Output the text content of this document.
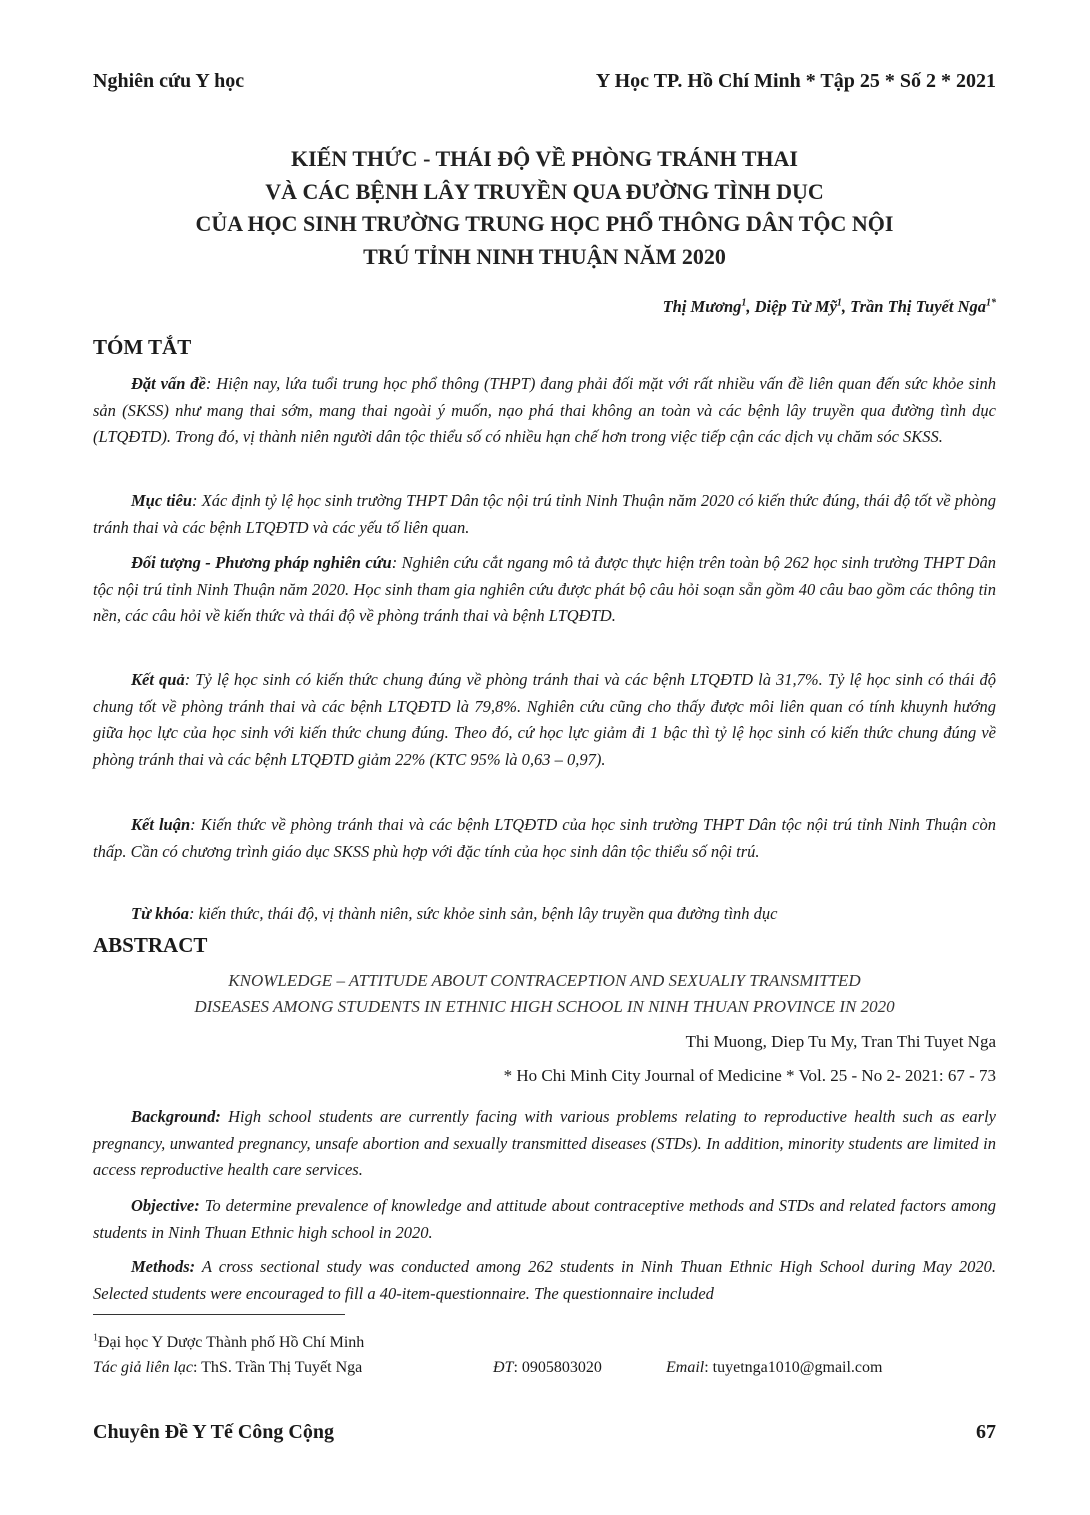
Nghiên cứu Y học	Y Học TP. Hồ Chí Minh * Tập 25 * Số 2 * 2021
KIẾN THỨC - THÁI ĐỘ VỀ PHÒNG TRÁNH THAI
VÀ CÁC BỆNH LÂY TRUYỀN QUA ĐƯỜNG TÌNH DỤC
CỦA HỌC SINH TRƯỜNG TRUNG HỌC PHỔ THÔNG DÂN TỘC NỘI
TRÚ TỈNH NINH THUẬN NĂM 2020
Thị Mương$^1$, Diệp Từ Mỹ$^1$, Trần Thị Tuyết Nga$^{1*}$
TÓM TẮT

Đặt vấn đề: Hiện nay, lứa tuổi trung học phổ thông (THPT) đang phải đối mặt với rất nhiều vấn đề liên quan đến sức khỏe sinh sản (SKSS) như mang thai sớm, mang thai ngoài ý muốn, nạo phá thai không an toàn và các bệnh lây truyền qua đường tình dục (LTQĐTD). Trong đó, vị thành niên người dân tộc thiểu số có nhiều hạn chế hơn trong việc tiếp cận các dịch vụ chăm sóc SKSS.

Mục tiêu: Xác định tỷ lệ học sinh trường THPT Dân tộc nội trú tỉnh Ninh Thuận năm 2020 có kiến thức đúng, thái độ tốt về phòng tránh thai và các bệnh LTQĐTD và các yếu tố liên quan.

Đối tượng - Phương pháp nghiên cứu: Nghiên cứu cắt ngang mô tả được thực hiện trên toàn bộ 262 học sinh trường THPT Dân tộc nội trú tỉnh Ninh Thuận năm 2020. Học sinh tham gia nghiên cứu được phát bộ câu hỏi soạn sẵn gồm 40 câu bao gồm các thông tin nền, các câu hỏi về kiến thức và thái độ về phòng tránh thai và bệnh LTQĐTD.

Kết quả: Tỷ lệ học sinh có kiến thức chung đúng về phòng tránh thai và các bệnh LTQĐTD là 31,7%. Tỷ lệ học sinh có thái độ chung tốt về phòng tránh thai và các bệnh LTQĐTD là 79,8%. Nghiên cứu cũng cho thấy được môi liên quan có tính khuynh hướng giữa học lực của học sinh với kiến thức chung đúng. Theo đó, cứ học lực giảm đi 1 bậc thì tỷ lệ học sinh có kiến thức chung đúng về phòng tránh thai và các bệnh LTQĐTD giảm 22% (KTC 95% là 0,63 – 0,97).

Kết luận: Kiến thức về phòng tránh thai và các bệnh LTQĐTD của học sinh trường THPT Dân tộc nội trú tỉnh Ninh Thuận còn thấp. Cần có chương trình giáo dục SKSS phù hợp với đặc tính của học sinh dân tộc thiểu số nội trú.

Từ khóa: kiến thức, thái độ, vị thành niên, sức khỏe sinh sản, bệnh lây truyền qua đường tình dục

ABSTRACT

KNOWLEDGE – ATTITUDE ABOUT CONTRACEPTION AND SEXUALIY TRANSMITTED
DISEASES AMONG STUDENTS IN ETHNIC HIGH SCHOOL IN NINH THUAN PROVINCE IN 2020

Thi Muong, Diep Tu My, Tran Thi Tuyet Nga
* Ho Chi Minh City Journal of Medicine * Vol. 25 - No 2- 2021: 67 - 73

Background: High school students are currently facing with various problems relating to reproductive health such as early pregnancy, unwanted pregnancy, unsafe abortion and sexually transmitted diseases (STDs). In addition, minority students are limited in access reproductive health care services.

Objective: To determine prevalence of knowledge and attitude about contraceptive methods and STDs and related factors among students in Ninh Thuan Ethnic high school in 2020.

Methods: A cross sectional study was conducted among 262 students in Ninh Thuan Ethnic High School during May 2020. Selected students were encouraged to fill a 40-item-questionnaire. The questionnaire included

$^1$Đại học Y Dược Thành phố Hồ Chí Minh
Tác giả liên lạc: ThS. Trần Thị Tuyết Nga	ĐT: 0905803020	Email: tuyetnga1010@gmail.com
Chuyên Đề Y Tế Công Cộng	67
